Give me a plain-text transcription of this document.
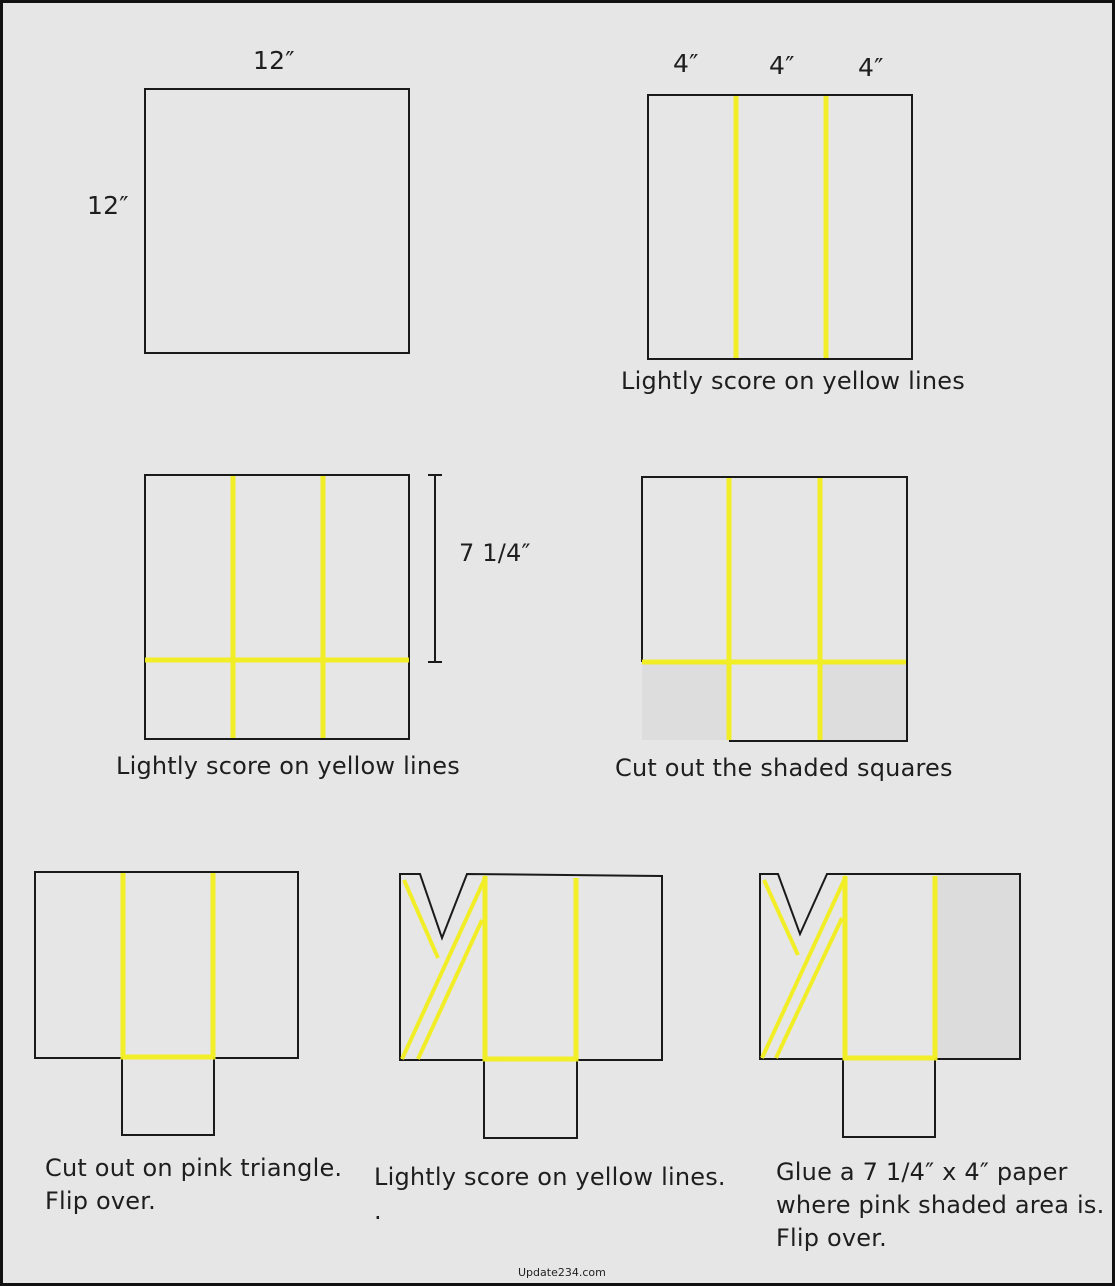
12″
12″
4″	4″	4″
7 1/4″
Lightly score on yellow lines
Lightly score on yellow lines	Cut out the shaded squares
Cut out on pink triangle.
Flip over.
Lightly score on yellow lines.
.
Glue a 7 1/4″ x 4″ paper
where pink shaded area is.
Flip over.
Update234.com
